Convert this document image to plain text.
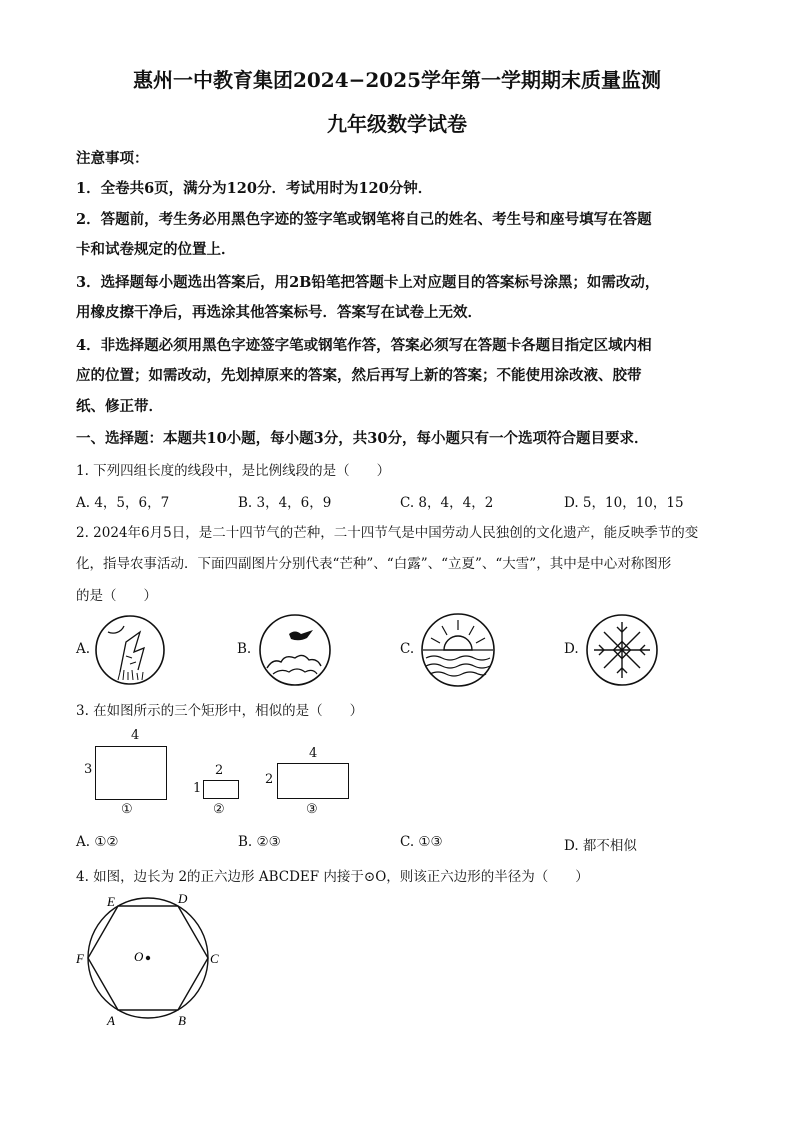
惠州一中教育集团2024−2025学年第一学期期末质量监测
九年级数学试卷
注意事项：
1．全卷共6页，满分为120分．考试用时为120分钟．
2．答题前，考生务必用黑色字迹的签字笔或钢笔将自己的姓名、考生号和座号填写在答题
卡和试卷规定的位置上．
3．选择题每小题选出答案后，用2B铅笔把答题卡上对应题目的答案标号涂黑；如需改动，
用橡皮擦干净后，再选涂其他答案标号．答案写在试卷上无效．
4．非选择题必须用黑色字迹签字笔或钢笔作答，答案必须写在答题卡各题目指定区域内相
应的位置；如需改动，先划掉原来的答案，然后再写上新的答案；不能使用涂改液、胶带
纸、修正带．
一、选择题：本题共10小题，每小题3分，共30分，每小题只有一个选项符合题目要求．
1. 下列四组长度的线段中，是比例线段的是（　　）
A. 4，5，6，7	B. 3，4，6，9	C. 8，4，4，2	D. 5，10，10，15
2. 2024年6月5日，是二十四节气的芒种，二十四节气是中国劳动人民独创的文化遗产，能反映季节的变
化，指导农事活动．下面四副图片分别代表“芒种”、“白露”、“立夏”、“大雪”，其中是中心对称图形
的是（　　）
A.	B.	C.	D.
3. 在如图所示的三个矩形中，相似的是（　　）
4
3
①
2
1
②
4
2
③
A. ①②	B. ②③	C. ①③	D. 都不相似
4. 如图，边长为 2的正六边形 ABCDEF 内接于⊙O，则该正六边形的半径为（　　）
E	D
F	C
A	B
O
